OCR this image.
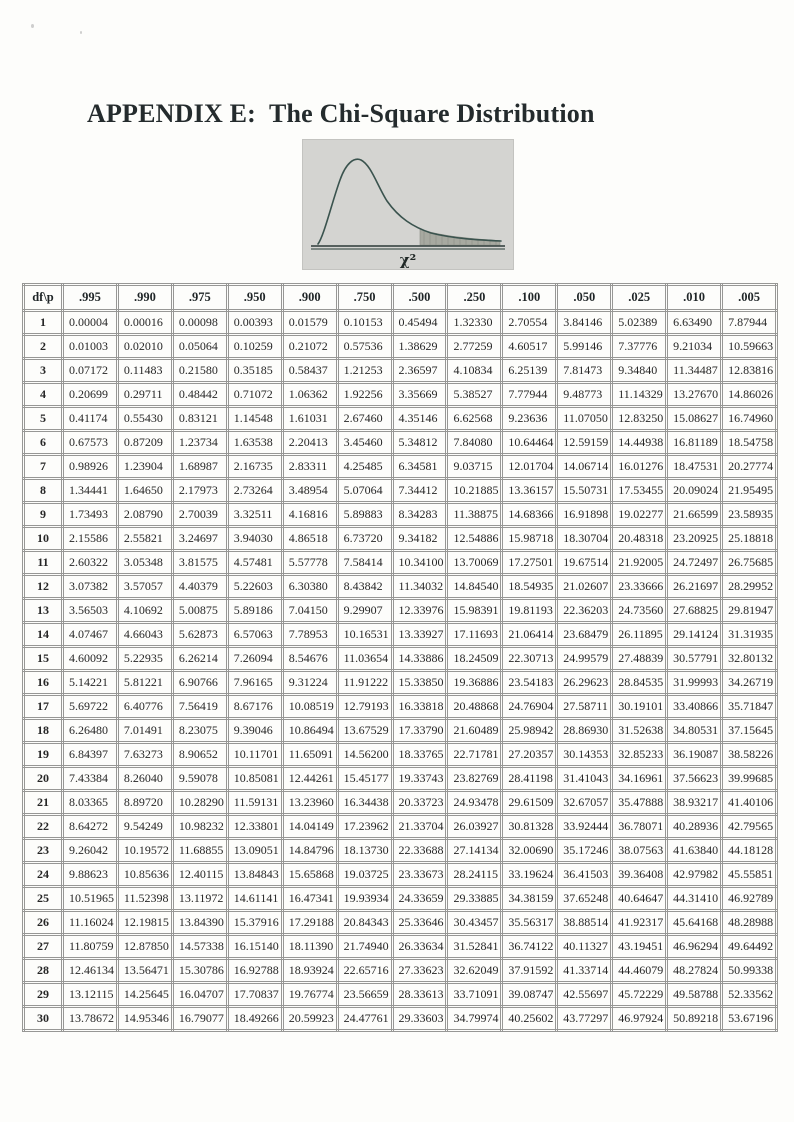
APPENDIX E:  The Chi-Square Distribution
χ²
df\p	.995	.990	.975	.950	.900	.750	.500	.250	.100	.050	.025	.010	.005
1	0.00004	0.00016	0.00098	0.00393	0.01579	0.10153	0.45494	1.32330	2.70554	3.84146	5.02389	6.63490	7.87944
2	0.01003	0.02010	0.05064	0.10259	0.21072	0.57536	1.38629	2.77259	4.60517	5.99146	7.37776	9.21034	10.59663
3	0.07172	0.11483	0.21580	0.35185	0.58437	1.21253	2.36597	4.10834	6.25139	7.81473	9.34840	11.34487	12.83816
4	0.20699	0.29711	0.48442	0.71072	1.06362	1.92256	3.35669	5.38527	7.77944	9.48773	11.14329	13.27670	14.86026
5	0.41174	0.55430	0.83121	1.14548	1.61031	2.67460	4.35146	6.62568	9.23636	11.07050	12.83250	15.08627	16.74960
6	0.67573	0.87209	1.23734	1.63538	2.20413	3.45460	5.34812	7.84080	10.64464	12.59159	14.44938	16.81189	18.54758
7	0.98926	1.23904	1.68987	2.16735	2.83311	4.25485	6.34581	9.03715	12.01704	14.06714	16.01276	18.47531	20.27774
8	1.34441	1.64650	2.17973	2.73264	3.48954	5.07064	7.34412	10.21885	13.36157	15.50731	17.53455	20.09024	21.95495
9	1.73493	2.08790	2.70039	3.32511	4.16816	5.89883	8.34283	11.38875	14.68366	16.91898	19.02277	21.66599	23.58935
10	2.15586	2.55821	3.24697	3.94030	4.86518	6.73720	9.34182	12.54886	15.98718	18.30704	20.48318	23.20925	25.18818
11	2.60322	3.05348	3.81575	4.57481	5.57778	7.58414	10.34100	13.70069	17.27501	19.67514	21.92005	24.72497	26.75685
12	3.07382	3.57057	4.40379	5.22603	6.30380	8.43842	11.34032	14.84540	18.54935	21.02607	23.33666	26.21697	28.29952
13	3.56503	4.10692	5.00875	5.89186	7.04150	9.29907	12.33976	15.98391	19.81193	22.36203	24.73560	27.68825	29.81947
14	4.07467	4.66043	5.62873	6.57063	7.78953	10.16531	13.33927	17.11693	21.06414	23.68479	26.11895	29.14124	31.31935
15	4.60092	5.22935	6.26214	7.26094	8.54676	11.03654	14.33886	18.24509	22.30713	24.99579	27.48839	30.57791	32.80132
16	5.14221	5.81221	6.90766	7.96165	9.31224	11.91222	15.33850	19.36886	23.54183	26.29623	28.84535	31.99993	34.26719
17	5.69722	6.40776	7.56419	8.67176	10.08519	12.79193	16.33818	20.48868	24.76904	27.58711	30.19101	33.40866	35.71847
18	6.26480	7.01491	8.23075	9.39046	10.86494	13.67529	17.33790	21.60489	25.98942	28.86930	31.52638	34.80531	37.15645
19	6.84397	7.63273	8.90652	10.11701	11.65091	14.56200	18.33765	22.71781	27.20357	30.14353	32.85233	36.19087	38.58226
20	7.43384	8.26040	9.59078	10.85081	12.44261	15.45177	19.33743	23.82769	28.41198	31.41043	34.16961	37.56623	39.99685
21	8.03365	8.89720	10.28290	11.59131	13.23960	16.34438	20.33723	24.93478	29.61509	32.67057	35.47888	38.93217	41.40106
22	8.64272	9.54249	10.98232	12.33801	14.04149	17.23962	21.33704	26.03927	30.81328	33.92444	36.78071	40.28936	42.79565
23	9.26042	10.19572	11.68855	13.09051	14.84796	18.13730	22.33688	27.14134	32.00690	35.17246	38.07563	41.63840	44.18128
24	9.88623	10.85636	12.40115	13.84843	15.65868	19.03725	23.33673	28.24115	33.19624	36.41503	39.36408	42.97982	45.55851
25	10.51965	11.52398	13.11972	14.61141	16.47341	19.93934	24.33659	29.33885	34.38159	37.65248	40.64647	44.31410	46.92789
26	11.16024	12.19815	13.84390	15.37916	17.29188	20.84343	25.33646	30.43457	35.56317	38.88514	41.92317	45.64168	48.28988
27	11.80759	12.87850	14.57338	16.15140	18.11390	21.74940	26.33634	31.52841	36.74122	40.11327	43.19451	46.96294	49.64492
28	12.46134	13.56471	15.30786	16.92788	18.93924	22.65716	27.33623	32.62049	37.91592	41.33714	44.46079	48.27824	50.99338
29	13.12115	14.25645	16.04707	17.70837	19.76774	23.56659	28.33613	33.71091	39.08747	42.55697	45.72229	49.58788	52.33562
30	13.78672	14.95346	16.79077	18.49266	20.59923	24.47761	29.33603	34.79974	40.25602	43.77297	46.97924	50.89218	53.67196
